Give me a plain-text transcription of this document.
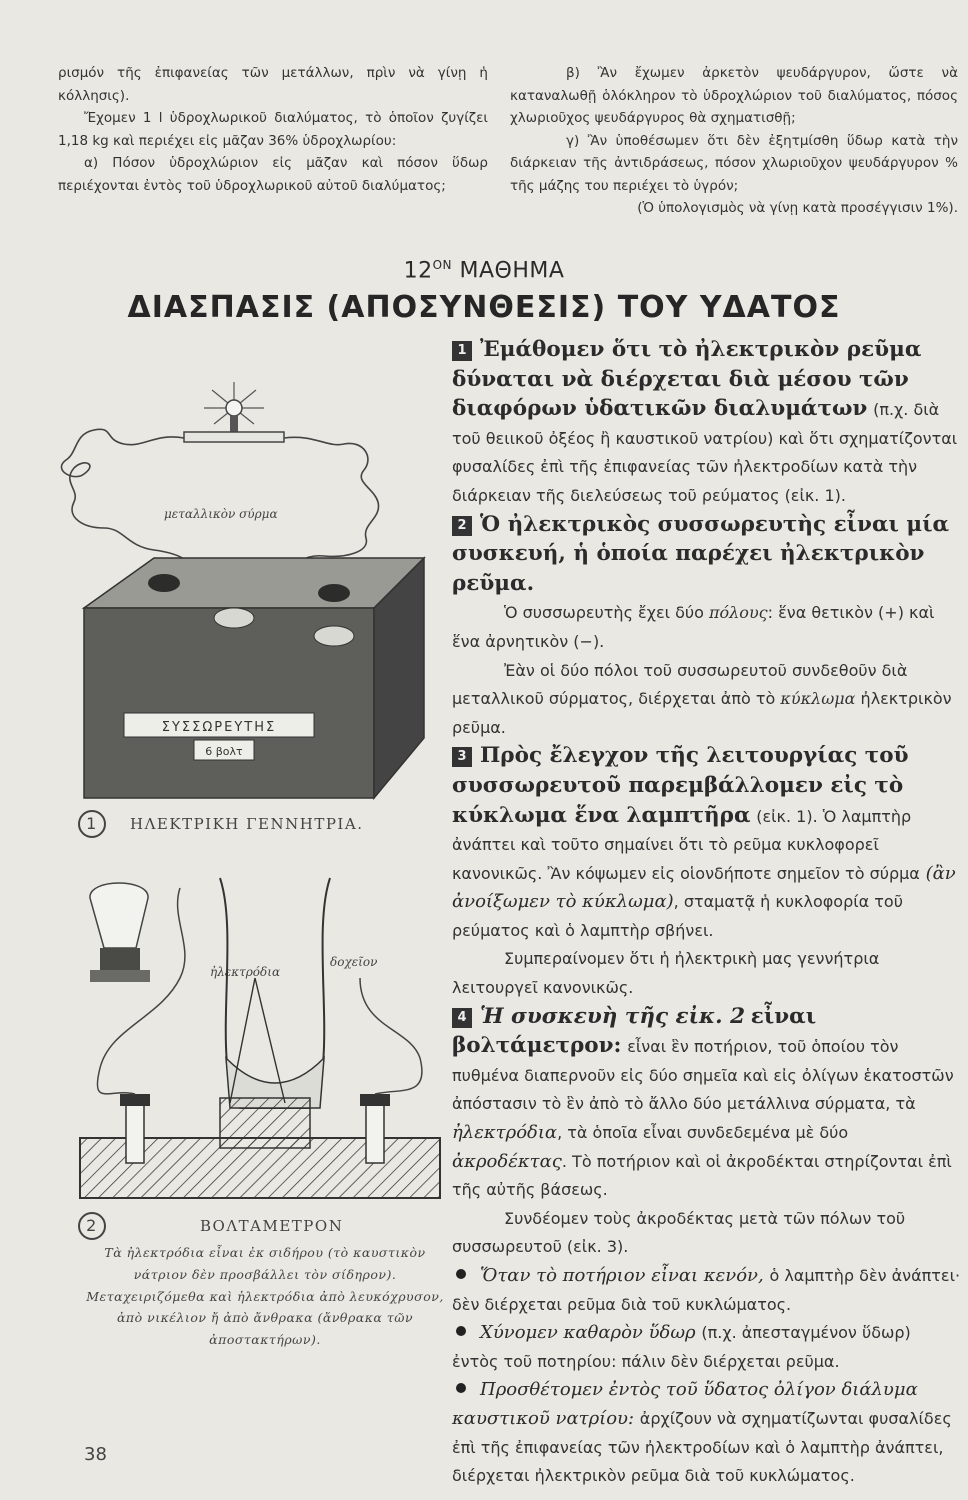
ρισμόν τῆς ἐπιφανείας τῶν μετάλλων, πρὶν νὰ γίνῃ ἡ κόλλησις).

Ἔχομεν 1 l ὑδροχλωρικοῦ διαλύματος, τὸ ὁποῖον ζυγίζει 1,18 kg καὶ περιέχει εἰς μᾶζαν 36% ὑδροχλωρίου:

α) Πόσον ὑδροχλώριον εἰς μᾶζαν καὶ πόσον ὕδωρ περιέχονται ἐντὸς τοῦ ὑδροχλωρικοῦ αὐτοῦ διαλύματος;

β) Ἂν ἔχωμεν ἀρκετὸν ψευδάργυρον, ὥστε νὰ καταναλωθῇ ὁλόκληρον τὸ ὑδροχλώριον τοῦ διαλύματος, πόσος χλωριοῦχος ψευδάργυρος θὰ σχηματισθῇ;

γ) Ἂν ὑποθέσωμεν ὅτι δὲν ἐξητμίσθη ὕδωρ κατὰ τὴν διάρκειαν τῆς ἀντιδράσεως, πόσον χλωριοῦχον ψευδάργυρον % τῆς μάζης του περιέχει τὸ ὑγρόν;

(Ὁ ὑπολογισμὸς νὰ γίνῃ κατὰ προσέγγισιν 1%).

$12^{ON}$ ΜΑΘΗΜΑ
ΔΙΑΣΠΑΣΙΣ (ΑΠΟΣΥΝΘΕΣΙΣ) ΤΟΥ ΥΔΑΤΟΣ
μεταλλικὸν σύρμα
ΣΥΣΣΩΡΕΥΤΗΣ
6 βολτ
1 ΗΛΕΚΤΡΙΚΗ ΓΕΝΝΗΤΡΙΑ.
ἠλεκτρόδια
δοχεῖον
2	ΒΟΛΤΑΜΕΤΡΟΝ
Τὰ ἠλεκτρόδια εἶναι ἐκ σιδήρου (τὸ καυστικὸν νάτριον δὲν προσβάλλει τὸν σίδηρον). Μεταχειριζόμεθα καὶ ἠλεκτρόδια ἀπὸ λευκόχρυσον, ἀπὸ νικέλιον ἤ ἀπὸ ἄνθρακα (ἄνθρακα τῶν ἀποστακτήρων).
1 Ἐμάθομεν ὅτι τὸ ἠλεκτρικὸν ρεῦμα δύναται νὰ διέρχεται διὰ μέσου τῶν διαφόρων ὑδατικῶν διαλυμάτων (π.χ. διὰ τοῦ θειικοῦ ὀξέος ἢ καυστικοῦ νατρίου) καὶ ὅτι σχηματίζονται φυσαλίδες ἐπὶ τῆς ἐπιφανείας τῶν ἠλεκτροδίων κατὰ τὴν διάρκειαν τῆς διελεύσεως τοῦ ρεύματος (εἰκ. 1).
2 Ὁ ἠλεκτρικὸς συσσωρευτὴς εἶναι μία συσκευή, ἡ ὁποία παρέχει ἠλεκτρικὸν ρεῦμα.
Ὁ συσσωρευτὴς ἔχει δύο πόλους: ἕνα θετικὸν (+) καὶ ἕνα ἀρνητικὸν (−).
Ἐὰν οἱ δύο πόλοι τοῦ συσσωρευτοῦ συνδεθοῦν διὰ μεταλλικοῦ σύρματος, διέρχεται ἀπὸ τὸ κύκλωμα ἠλεκτρικὸν ρεῦμα.
3 Πρὸς ἔλεγχον τῆς λειτουργίας τοῦ συσσωρευτοῦ παρεμβάλλομεν εἰς τὸ κύκλωμα ἕνα λαμπτῆρα (εἰκ. 1). Ὁ λαμπτὴρ ἀνάπτει καὶ τοῦτο σημαίνει ὅτι τὸ ρεῦμα κυκλοφορεῖ κανονικῶς. Ἂν κόψωμεν εἰς οἱονδήποτε σημεῖον τὸ σύρμα (ἂν ἀνοίξωμεν τὸ κύκλωμα), σταματᾷ ἡ κυκλοφορία τοῦ ρεύματος καὶ ὁ λαμπτὴρ σβήνει.
Συμπεραίνομεν ὅτι ἡ ἠλεκτρικὴ μας γεννήτρια λειτουργεῖ κανονικῶς.
4 Ἡ συσκευὴ τῆς εἰκ. 2 εἶναι βολτάμετρον: εἶναι ἓν ποτήριον, τοῦ ὁποίου τὸν πυθμένα διαπερνοῦν εἰς δύο σημεῖα καὶ εἰς ὀλίγων ἑκατοστῶν ἀπόστασιν τὸ ἓν ἀπὸ τὸ ἄλλο δύο μετάλλινα σύρματα, τὰ ἠλεκτρόδια, τὰ ὁποῖα εἶναι συνδεδεμένα μὲ δύο ἀκροδέκτας. Τὸ ποτήριον καὶ οἱ ἀκροδέκται στηρίζονται ἐπὶ τῆς αὐτῆς βάσεως.
Συνδέομεν τοὺς ἀκροδέκτας μετὰ τῶν πόλων τοῦ συσσωρευτοῦ (εἰκ. 3).
Ὅταν τὸ ποτήριον εἶναι κενόν, ὁ λαμπτὴρ δὲν ἀνάπτει· δὲν διέρχεται ρεῦμα διὰ τοῦ κυκλώματος.
Χύνομεν καθαρὸν ὕδωρ (π.χ. ἀπεσταγμένον ὕδωρ) ἐντὸς τοῦ ποτηρίου: πάλιν δὲν διέρχεται ρεῦμα.
Προσθέτομεν ἐντὸς τοῦ ὕδατος ὀλίγον διάλυμα καυστικοῦ νατρίου: ἀρχίζουν νὰ σχηματίζωνται φυσαλίδες ἐπὶ τῆς ἐπιφανείας τῶν ἠλεκτροδίων καὶ ὁ λαμπτὴρ ἀνάπτει, διέρχεται ἠλεκτρικὸν ρεῦμα διὰ τοῦ κυκλώματος.
38
